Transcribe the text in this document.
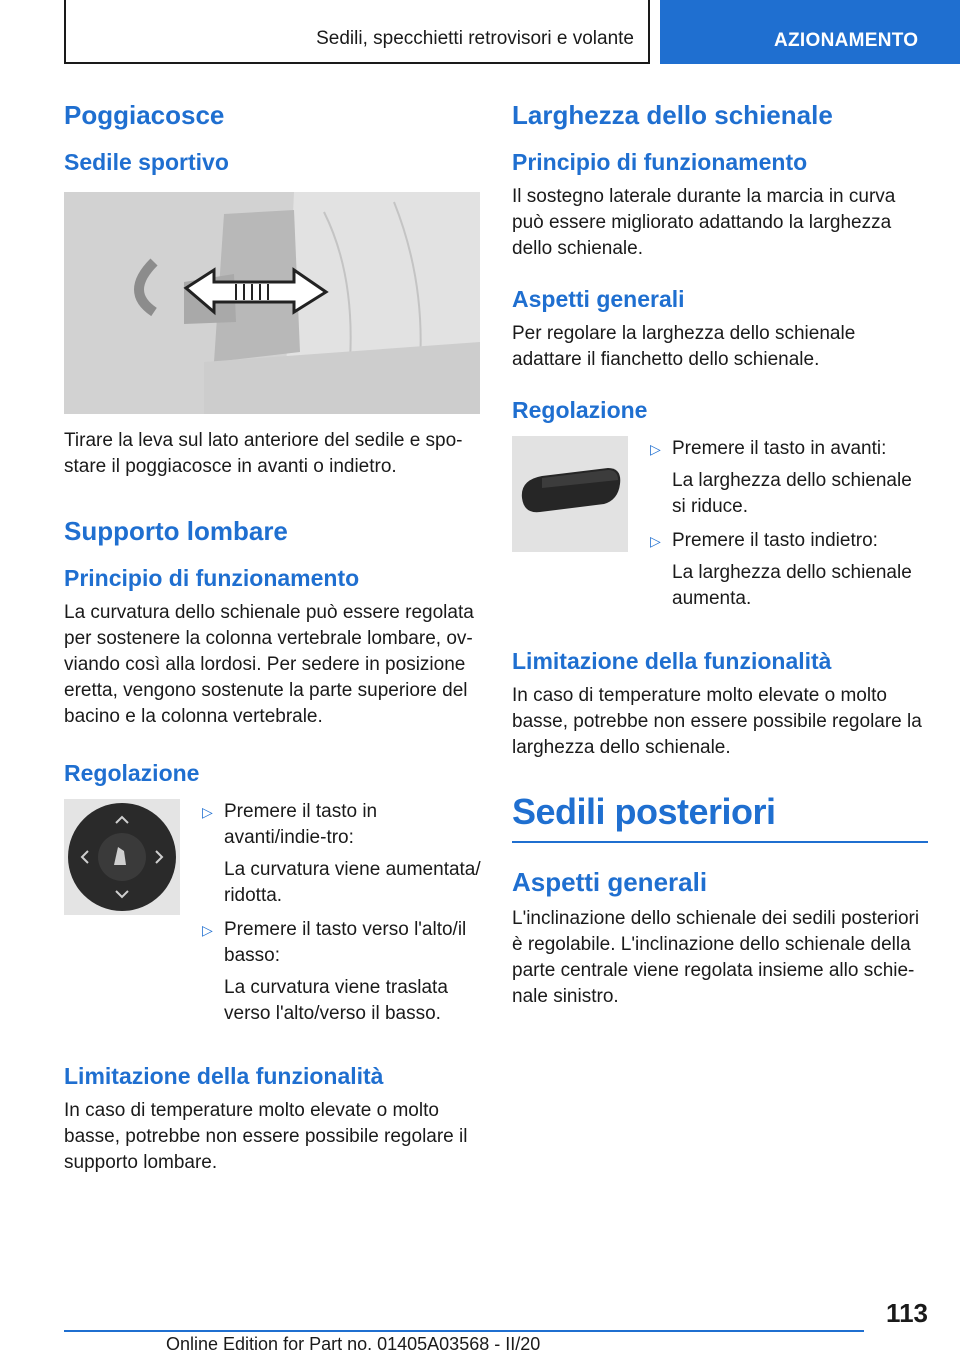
Sedili, specchietti retrovisori e volante	AZIONAMENTO
Poggiacosce
Sedile sportivo

Tirare la leva sul lato anteriore del sedile e spo-stare il poggiacosce in avanti o indietro.

Supporto lombare
Principio di funzionamento

La curvatura dello schienale può essere regolata per sostenere la colonna vertebrale lombare, ov-viando così alla lordosi. Per sedere in posizione eretta, vengono sostenute la parte superiore del bacino e la colonna vertebrale.

Regolazione
▷ Premere il tasto in avanti/indie-tro:

La curvatura viene aumentata/ ridotta.

▷ Premere il tasto verso l'alto/il basso:

La curvatura viene traslata verso l'alto/verso il basso.

Limitazione della funzionalità

In caso di temperature molto elevate o molto basse, potrebbe non essere possibile regolare il supporto lombare.

Larghezza dello schienale
Principio di funzionamento

Il sostegno laterale durante la marcia in curva può essere migliorato adattando la larghezza dello schienale.

Aspetti generali

Per regolare la larghezza dello schienale adattare il fianchetto dello schienale.

Regolazione
▷ Premere il tasto in avanti:

La larghezza dello schienale si riduce.

▷ Premere il tasto indietro:

La larghezza dello schienale aumenta.

Limitazione della funzionalità

In caso di temperature molto elevate o molto basse, potrebbe non essere possibile regolare la larghezza dello schienale.

Sedili posteriori
Aspetti generali

L'inclinazione dello schienale dei sedili posteriori è regolabile. L'inclinazione dello schienale della parte centrale viene regolata insieme allo schie-nale sinistro.

113
Online Edition for Part no. 01405A03568 - II/20
